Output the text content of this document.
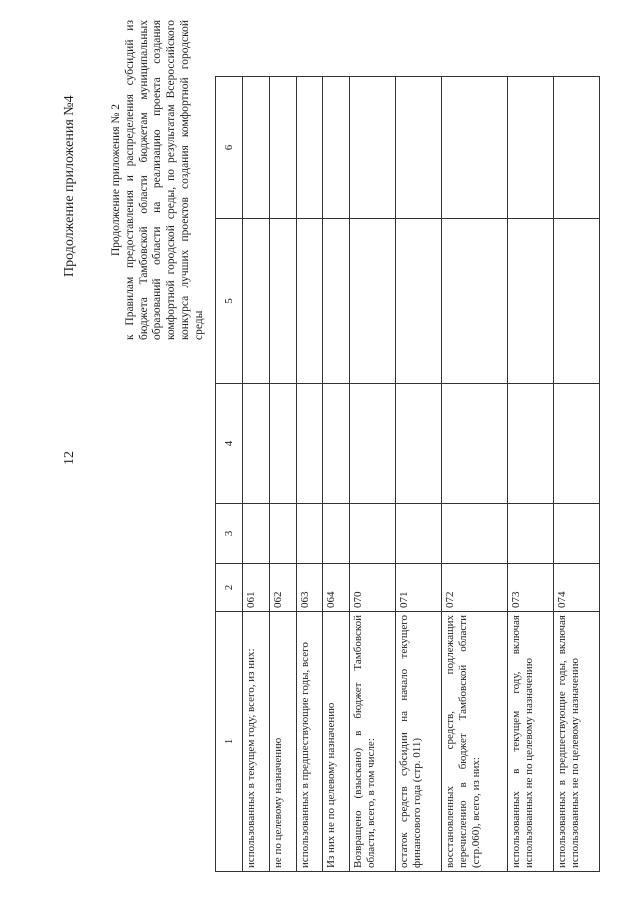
12
Продолжение приложения №4	Продолжение приложения № 2 к Правилам предоставления и распределения субсидий из бюджета Тамбовской области бюджетам муниципальных образований области на реализацию проекта создания комфортной городской среды, по результатам Всероссийского конкурса лучших проектов создания комфортной городской среды
1	2	3	4	5	6
использованных в текущем году, всего, из них:	061				
не по целевому назначению	062				
использованных в предшествующие годы, всего	063				
Из них не по целевому назначению	064				
Возвращено (взыскано) в бюджет Тамбовской области, всего, в том числе:	070				
остаток средств субсидии на начало текущего финансового года (стр. 011)	071				
восстановленных средств, подлежащих перечислению в бюджет Тамбовской области (стр.060), всего, из них:	072				
использованных в текущем году, включая использованных не по целевому назначению	073				
использованных в предшествующие годы, включая использованных не по целевому назначению	074				
